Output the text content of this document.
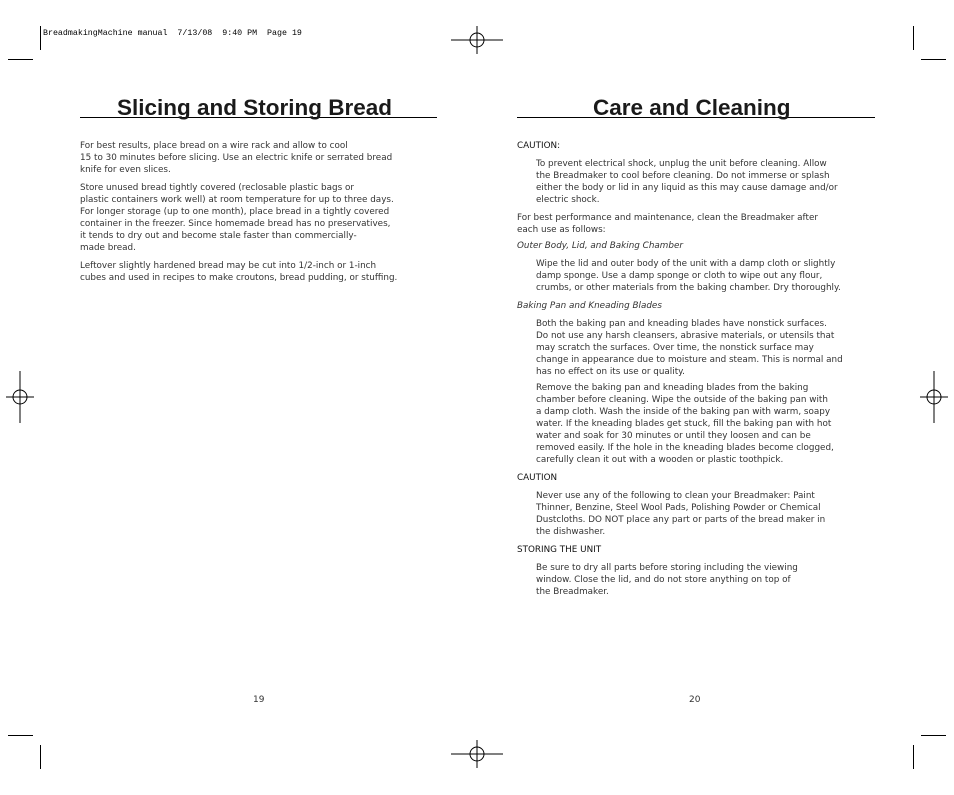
BreadmakingMachine manual  7/13/08  9:40 PM  Page 19
Slicing and Storing Bread

For best results, place bread on a wire rack and allow to cool
15 to 30 minutes before slicing. Use an electric knife or serrated bread
knife for even slices.

Store unused bread tightly covered (reclosable plastic bags or
plastic containers work well) at room temperature for up to three days.
For longer storage (up to one month), place bread in a tightly covered
container in the freezer. Since homemade bread has no preservatives,
it tends to dry out and become stale faster than commercially-
made bread.

Leftover slightly hardened bread may be cut into 1/2-inch or 1-inch
cubes and used in recipes to make croutons, bread pudding, or stuffing.

19
Care and Cleaning

CAUTION:

To prevent electrical shock, unplug the unit before cleaning. Allow
the Breadmaker to cool before cleaning. Do not immerse or splash
either the body or lid in any liquid as this may cause damage and/or
electric shock.

For best performance and maintenance, clean the Breadmaker after
each use as follows:

Outer Body, Lid, and Baking Chamber

Wipe the lid and outer body of the unit with a damp cloth or slightly
damp sponge. Use a damp sponge or cloth to wipe out any flour,
crumbs, or other materials from the baking chamber. Dry thoroughly.

Baking Pan and Kneading Blades

Both the baking pan and kneading blades have nonstick surfaces.
Do not use any harsh cleansers, abrasive materials, or utensils that
may scratch the surfaces. Over time, the nonstick surface may
change in appearance due to moisture and steam. This is normal and
has no effect on its use or quality.

Remove the baking pan and kneading blades from the baking
chamber before cleaning. Wipe the outside of the baking pan with
a damp cloth. Wash the inside of the baking pan with warm, soapy
water. If the kneading blades get stuck, fill the baking pan with hot
water and soak for 30 minutes or until they loosen and can be
removed easily. If the hole in the kneading blades become clogged,
carefully clean it out with a wooden or plastic toothpick.

CAUTION

Never use any of the following to clean your Breadmaker: Paint
Thinner, Benzine, Steel Wool Pads, Polishing Powder or Chemical
Dustcloths. DO NOT place any part or parts of the bread maker in
the dishwasher.

STORING THE UNIT

Be sure to dry all parts before storing including the viewing
window. Close the lid, and do not store anything on top of
the Breadmaker.

20
